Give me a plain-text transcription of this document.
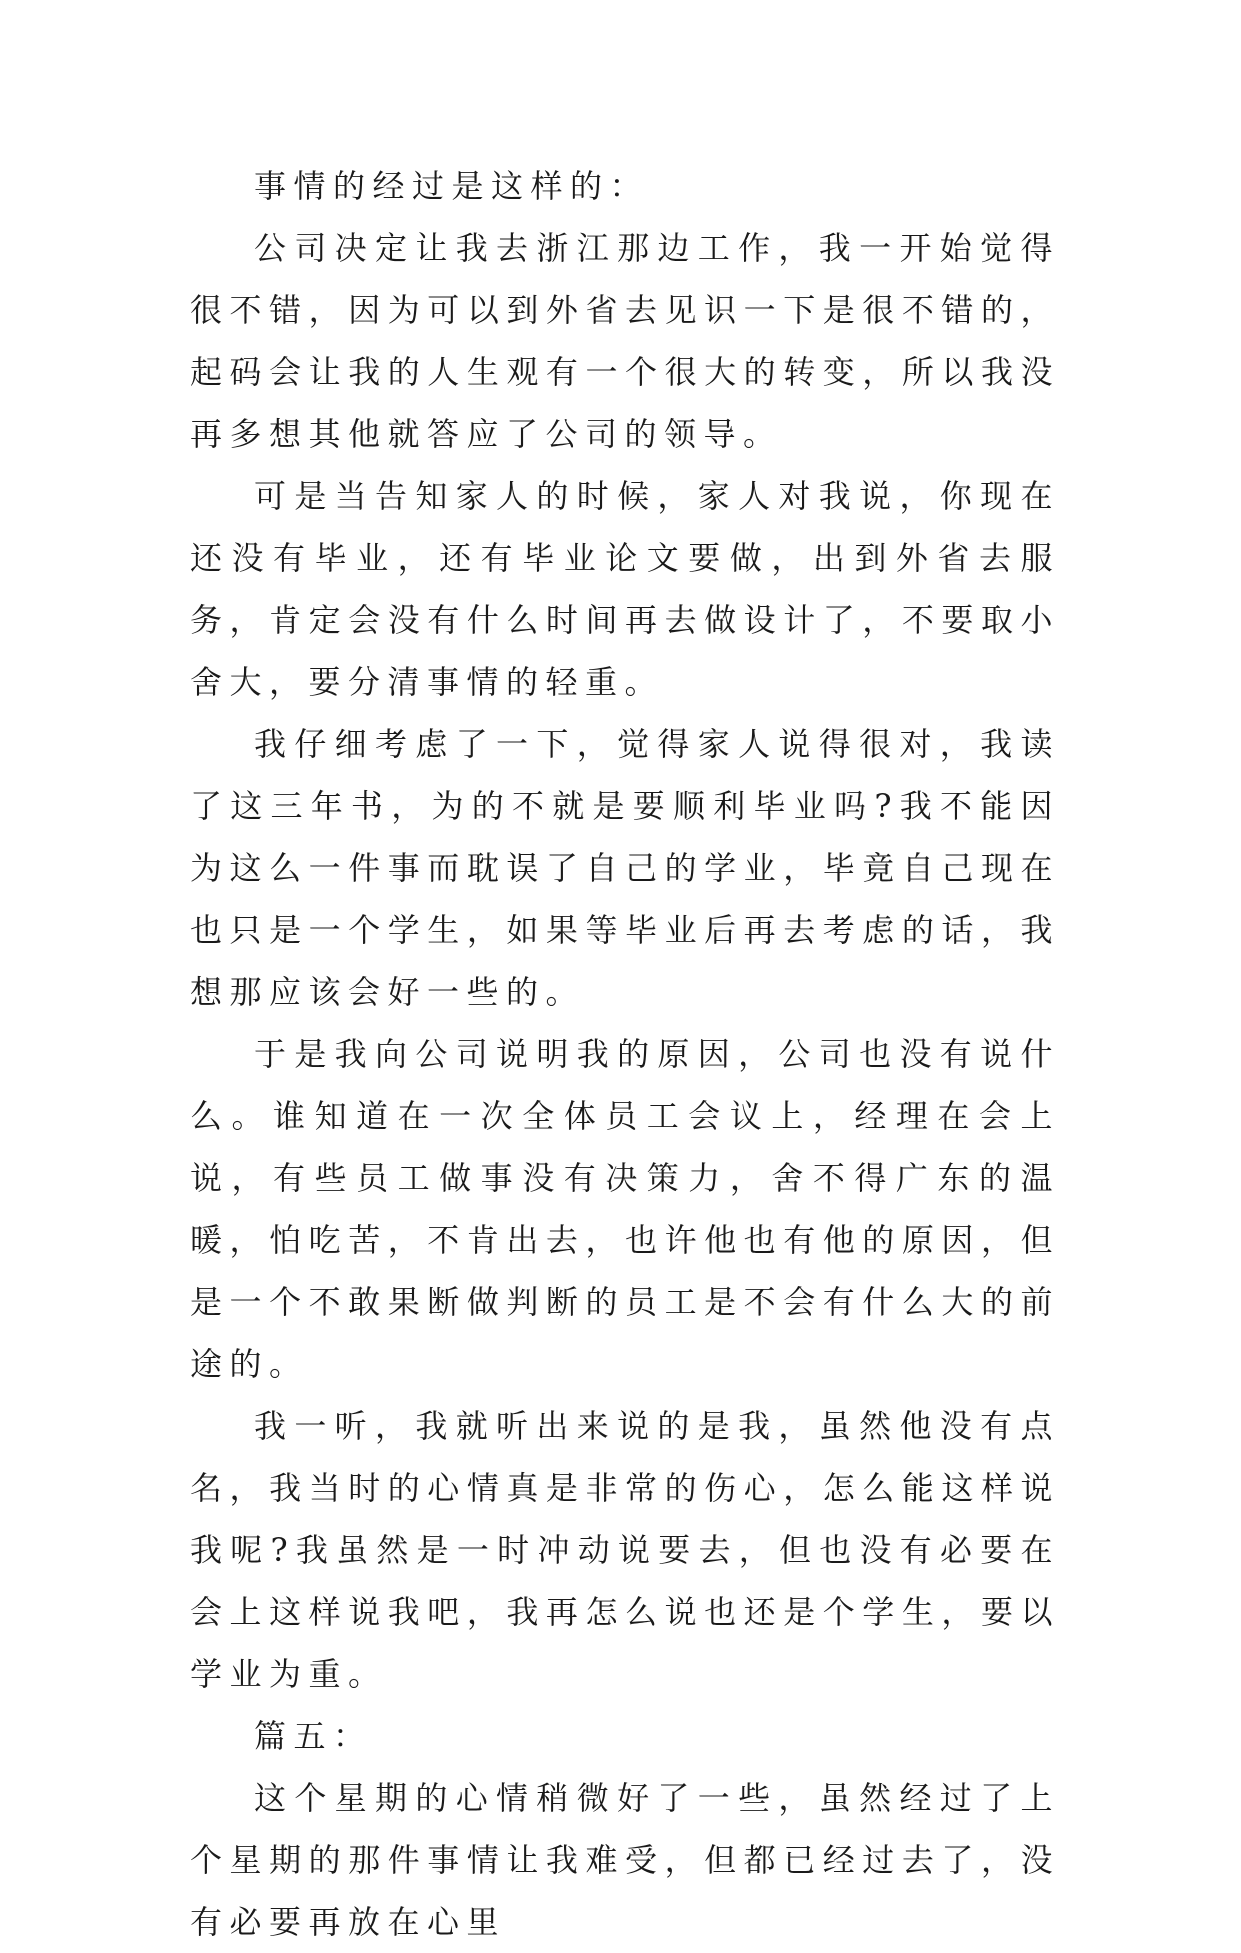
事情的经过是这样的：

公司决定让我去浙江那边工作，我一开始觉得很不错，因为可以到外省去见识一下是很不错的，起码会让我的人生观有一个很大的转变，所以我没再多想其他就答应了公司的领导。

可是当告知家人的时候，家人对我说，你现在还没有毕业，还有毕业论文要做，出到外省去服务，肯定会没有什么时间再去做设计了，不要取小舍大，要分清事情的轻重。

我仔细考虑了一下，觉得家人说得很对，我读了这三年书，为的不就是要顺利毕业吗?我不能因为这么一件事而耽误了自己的学业，毕竟自己现在也只是一个学生，如果等毕业后再去考虑的话，我想那应该会好一些的。

于是我向公司说明我的原因，公司也没有说什么。谁知道在一次全体员工会议上，经理在会上说，有些员工做事没有决策力，舍不得广东的温暖，怕吃苦，不肯出去，也许他也有他的原因，但是一个不敢果断做判断的员工是不会有什么大的前途的。

我一听，我就听出来说的是我，虽然他没有点名，我当时的心情真是非常的伤心，怎么能这样说我呢?我虽然是一时冲动说要去，但也没有必要在会上这样说我吧，我再怎么说也还是个学生，要以学业为重。

篇五：

这个星期的心情稍微好了一些，虽然经过了上个星期的那件事情让我难受，但都已经过去了，没有必要再放在心里
